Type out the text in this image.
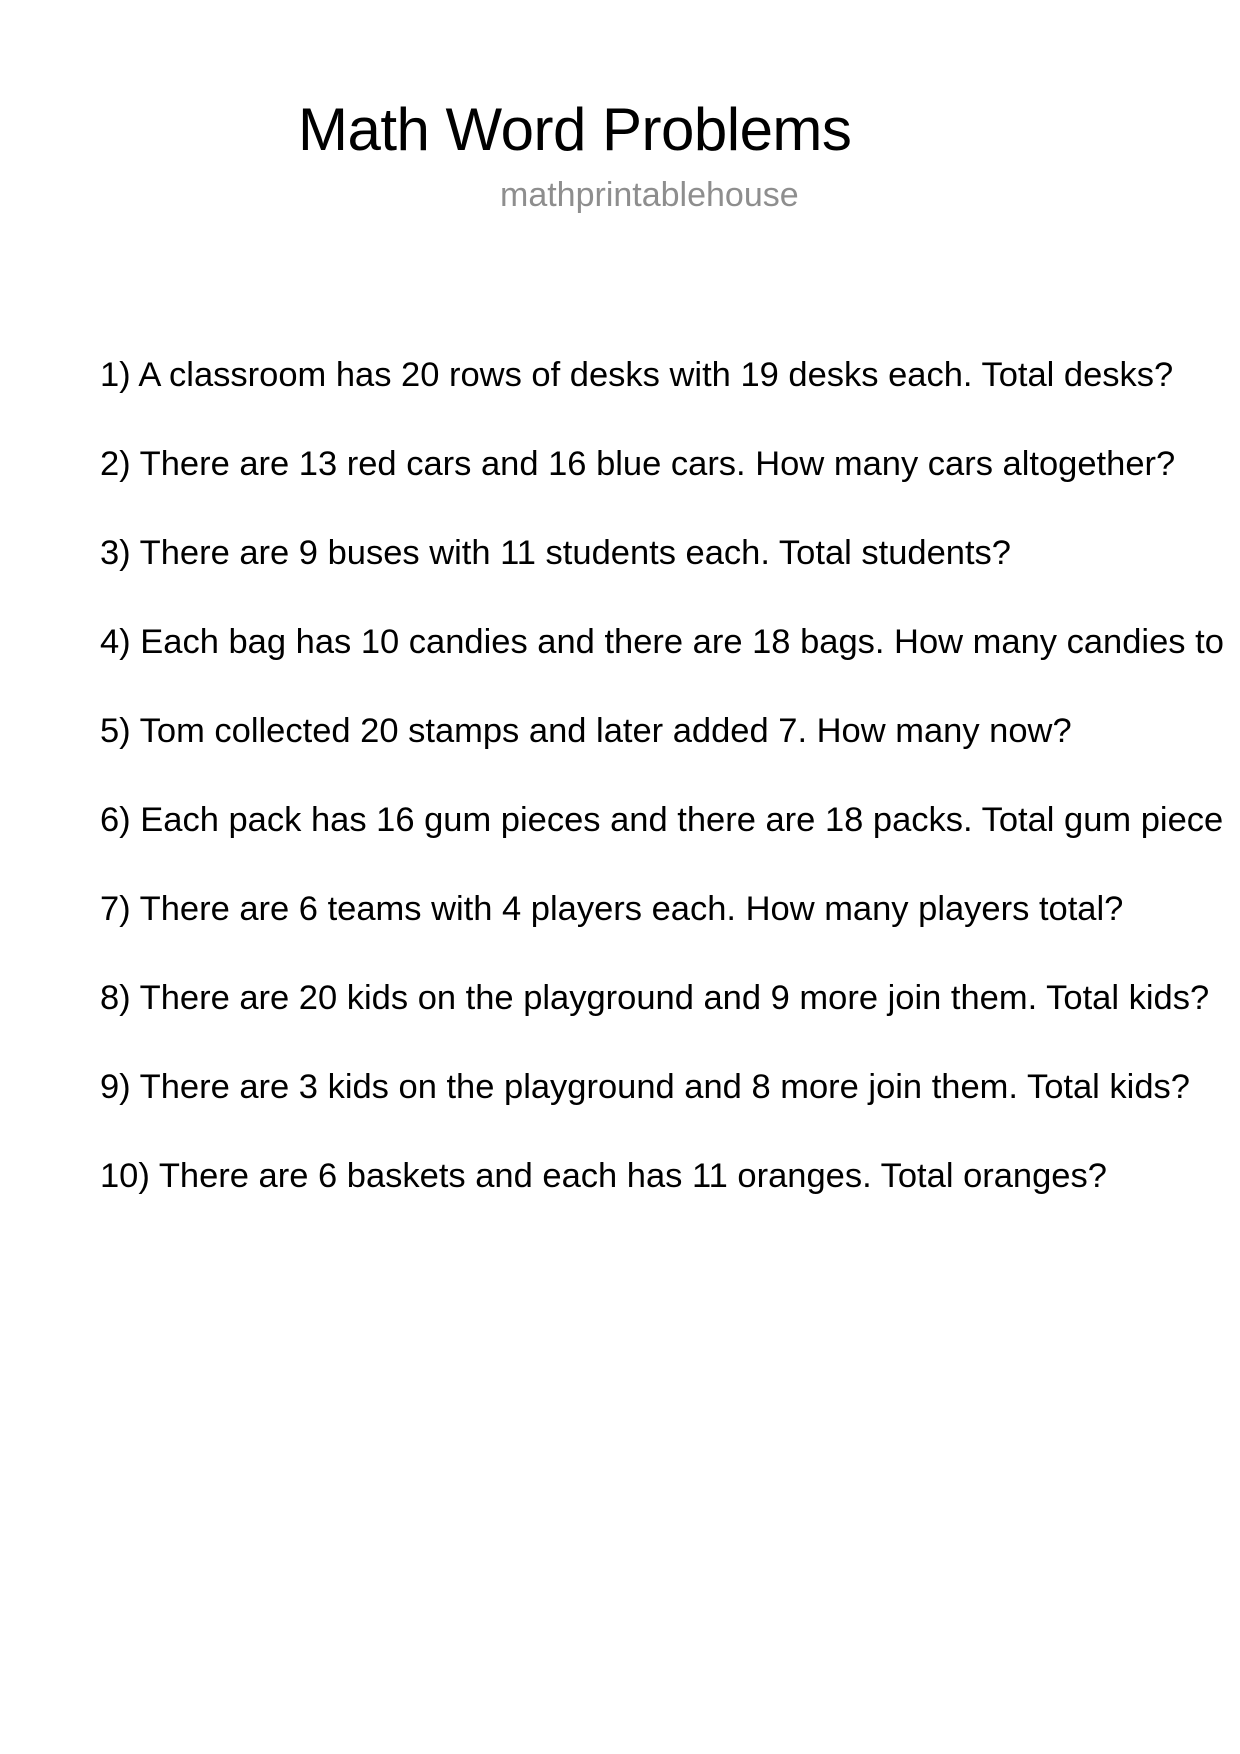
Math Word Problems
mathprintablehouse
1) A classroom has 20 rows of desks with 19 desks each. Total desks?
2) There are 13 red cars and 16 blue cars. How many cars altogether?
3) There are 9 buses with 11 students each. Total students?
4) Each bag has 10 candies and there are 18 bags. How many candies to
5) Tom collected 20 stamps and later added 7. How many now?
6) Each pack has 16 gum pieces and there are 18 packs. Total gum piece
7) There are 6 teams with 4 players each. How many players total?
8) There are 20 kids on the playground and 9 more join them. Total kids?
9) There are 3 kids on the playground and 8 more join them. Total kids?
10) There are 6 baskets and each has 11 oranges. Total oranges?
